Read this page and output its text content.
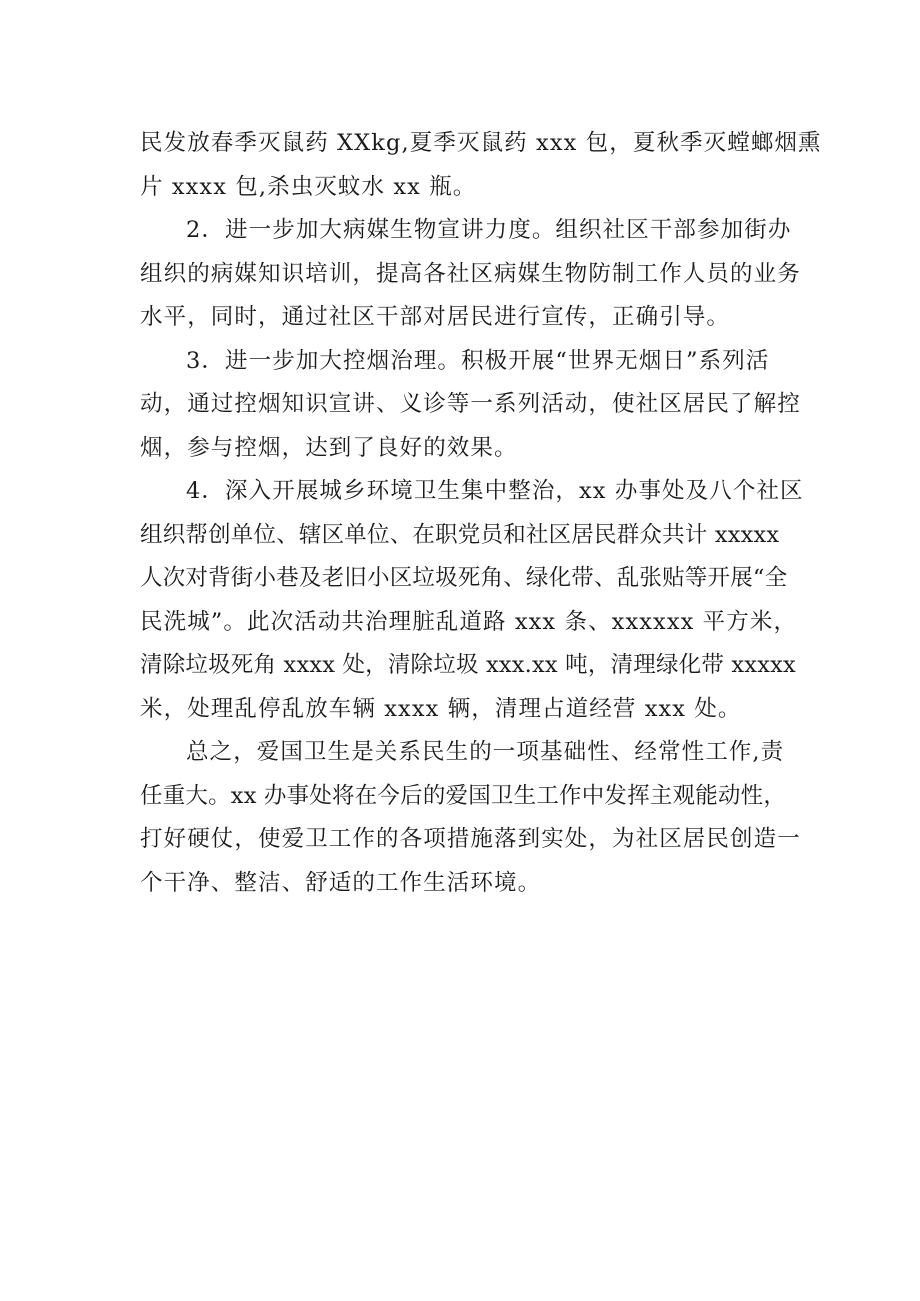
民发放春季灭鼠药 XXkg,夏季灭鼠药 xxx 包，夏秋季灭螳螂烟熏
片 xxxx 包,杀虫灭蚊水 xx 瓶。
2．进一步加大病媒生物宣讲力度。组织社区干部参加街办
组织的病媒知识培训，提高各社区病媒生物防制工作人员的业务
水平，同时，通过社区干部对居民进行宣传，正确引导。
3．进一步加大控烟治理。积极开展“世界无烟日”系列活
动，通过控烟知识宣讲、义诊等一系列活动，使社区居民了解控
烟，参与控烟，达到了良好的效果。
4．深入开展城乡环境卫生集中整治，xx 办事处及八个社区
组织帮创单位、辖区单位、在职党员和社区居民群众共计 xxxxx
人次对背街小巷及老旧小区垃圾死角、绿化带、乱张贴等开展“全
民洗城”。此次活动共治理脏乱道路 xxx 条、xxxxxx 平方米，
清除垃圾死角 xxxx 处，清除垃圾 xxx.xx 吨，清理绿化带 xxxxx
米，处理乱停乱放车辆 xxxx 辆，清理占道经营 xxx 处。
总之，爱国卫生是关系民生的一项基础性、经常性工作,责
任重大。xx 办事处将在今后的爱国卫生工作中发挥主观能动性，
打好硬仗，使爱卫工作的各项措施落到实处，为社区居民创造一
个干净、整洁、舒适的工作生活环境。
